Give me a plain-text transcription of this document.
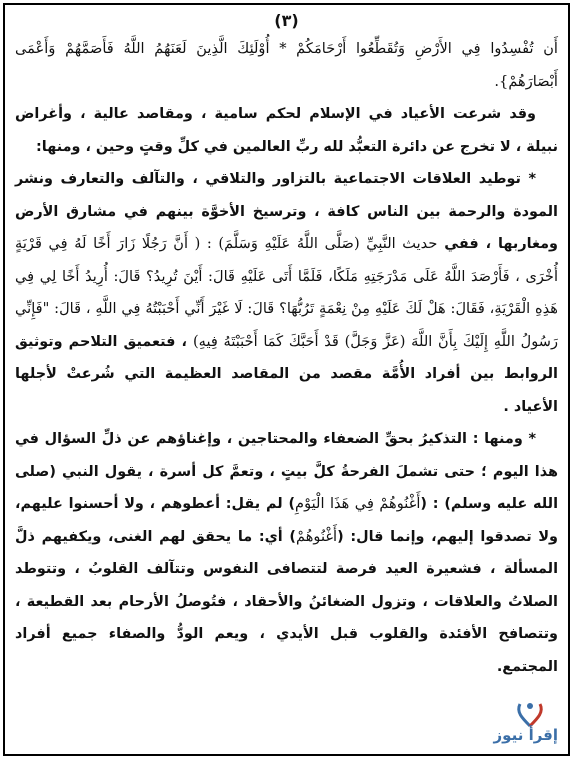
(٣)

أَن تُفْسِدُوا فِي الأَرْضِ وَتُقَطِّعُوا أَرْحَامَكُمْ * أُوْلَئِكَ الَّذِينَ لَعَنَهُمُ اللَّهُ فَأَصَمَّهُمْ وَأَعْمَى أَبْصَارَهُمْ}.

وقد شرعت الأعياد في الإسلام لحكم سامية ، ومقاصد عالية ، وأغراض نبيلة ، لا تخرج عن دائرة التعبُّد لله ربِّ العالمين في كلِّ وقتٍ وحين ، ومنها:

* توطيد العلاقات الاجتماعية بالتزاور والتلاقي ، والتآلف والتعارف ونشر المودة والرحمة بين الناس كافة ، وترسيخ الأخوَّة بينهم في مشارق الأرض ومغاربها ، ففي حديث النَّبِيِّ (صَلَّى اللَّهُ عَلَيْهِ وَسَلَّمَ) : ( أَنَّ رَجُلًا زَارَ أَخًا لَهُ فِي قَرْيَةٍ أُخْرَى ، فَأَرْصَدَ اللَّهُ عَلَى مَدْرَجَتِهِ مَلَكًا، فَلَمَّا أَتَى عَلَيْهِ قَالَ: أَيْنَ تُرِيدُ؟ قَالَ: أُرِيدُ أَخًا لِي فِي هَذِهِ الْقَرْيَةِ، فَقَالَ: هَلْ لَكَ عَلَيْهِ مِنْ نِعْمَةٍ تَرُبُّهَا؟ قَالَ: لَا غَيْرَ أَنِّي أَحْبَبْتُهُ فِي اللَّهِ ، قَالَ: "فَإِنِّي رَسُولُ اللَّهِ إِلَيْكَ بِأَنَّ اللَّهَ (عَزَّ وَجَلَّ) قَدْ أَحَبَّكَ كَمَا أَحْبَبْتَهُ فِيهِ) ، فتعميق التلاحم وتوثيق الروابط بين أفراد الأُمَّة مقصد من المقاصد العظيمة التي شُرعتْ لأجلها الأعياد .

* ومنها : التذكيرُ بحقِّ الضعفاء والمحتاجين ، وإغناؤهم عن ذلِّ السؤال في هذا اليوم ؛ حتى تشملَ الفرحةُ كلَّ بيتٍ ، وتعمَّ كل أسرة ، يقول النبي (صلى الله عليه وسلم) : (أَغْنُوهُمْ فِي هَذَا الْيَوْمِ) لم يقل: أعطوهم ، ولا أحسنوا عليهم، ولا تصدقوا إليهم، وإنما قال: (أَغْنُوهُمْ) أي: ما يحقق لهم الغنى، ويكفيهم ذلَّ المسألة ، فشعيرة العيد فرصة لتتصافى النفوس وتتآلف القلوبُ ، وتتوطد الصلاتُ والعلاقات ، وتزول الضغائنُ والأحقاد ، فتُوصلُ الأرحام بعد القطيعة ، وتتصافح الأفئدة والقلوب قبل الأيدي ، ويعم الودُّ والصفاء جميع أفراد المجتمع.

إقرأ نيوز
